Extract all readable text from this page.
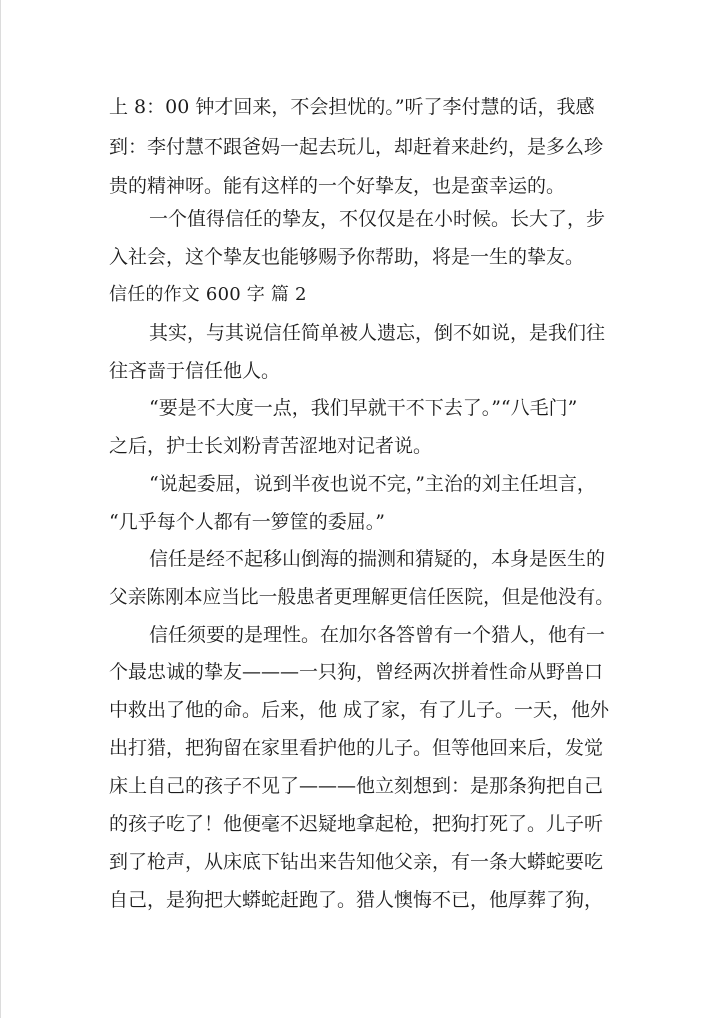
上 8：00 钟才回来，不会担忧的。”听了李付慧的话，我感

到：李付慧不跟爸妈一起去玩儿，却赶着来赴约，是多么珍

贵的精神呀。能有这样的一个好挚友，也是蛮幸运的。

一个值得信任的挚友，不仅仅是在小时候。长大了，步

入社会，这个挚友也能够赐予你帮助，将是一生的挚友。

信任的作文 600 字 篇 2

其实，与其说信任简单被人遗忘，倒不如说，是我们往

往吝啬于信任他人。

“要是不大度一点，我们早就干不下去了。”“八毛门”

之后，护士长刘粉青苦涩地对记者说。

“说起委屈，说到半夜也说不完，”主治的刘主任坦言，

“几乎每个人都有一箩筐的委屈。”

信任是经不起移山倒海的揣测和猜疑的，本身是医生的

父亲陈刚本应当比一般患者更理解更信任医院，但是他没有。

信任须要的是理性。在加尔各答曾有一个猎人，他有一

个最忠诚的挚友———一只狗，曾经两次拼着性命从野兽口

中救出了他的命。后来，他 成了家，有了儿子。一天，他外

出打猎，把狗留在家里看护他的儿子。但等他回来后，发觉

床上自己的孩子不见了———他立刻想到：是那条狗把自己

的孩子吃了！他便毫不迟疑地拿起枪，把狗打死了。儿子听

到了枪声，从床底下钻出来告知他父亲，有一条大蟒蛇要吃

自己，是狗把大蟒蛇赶跑了。猎人懊悔不已，他厚葬了狗，
